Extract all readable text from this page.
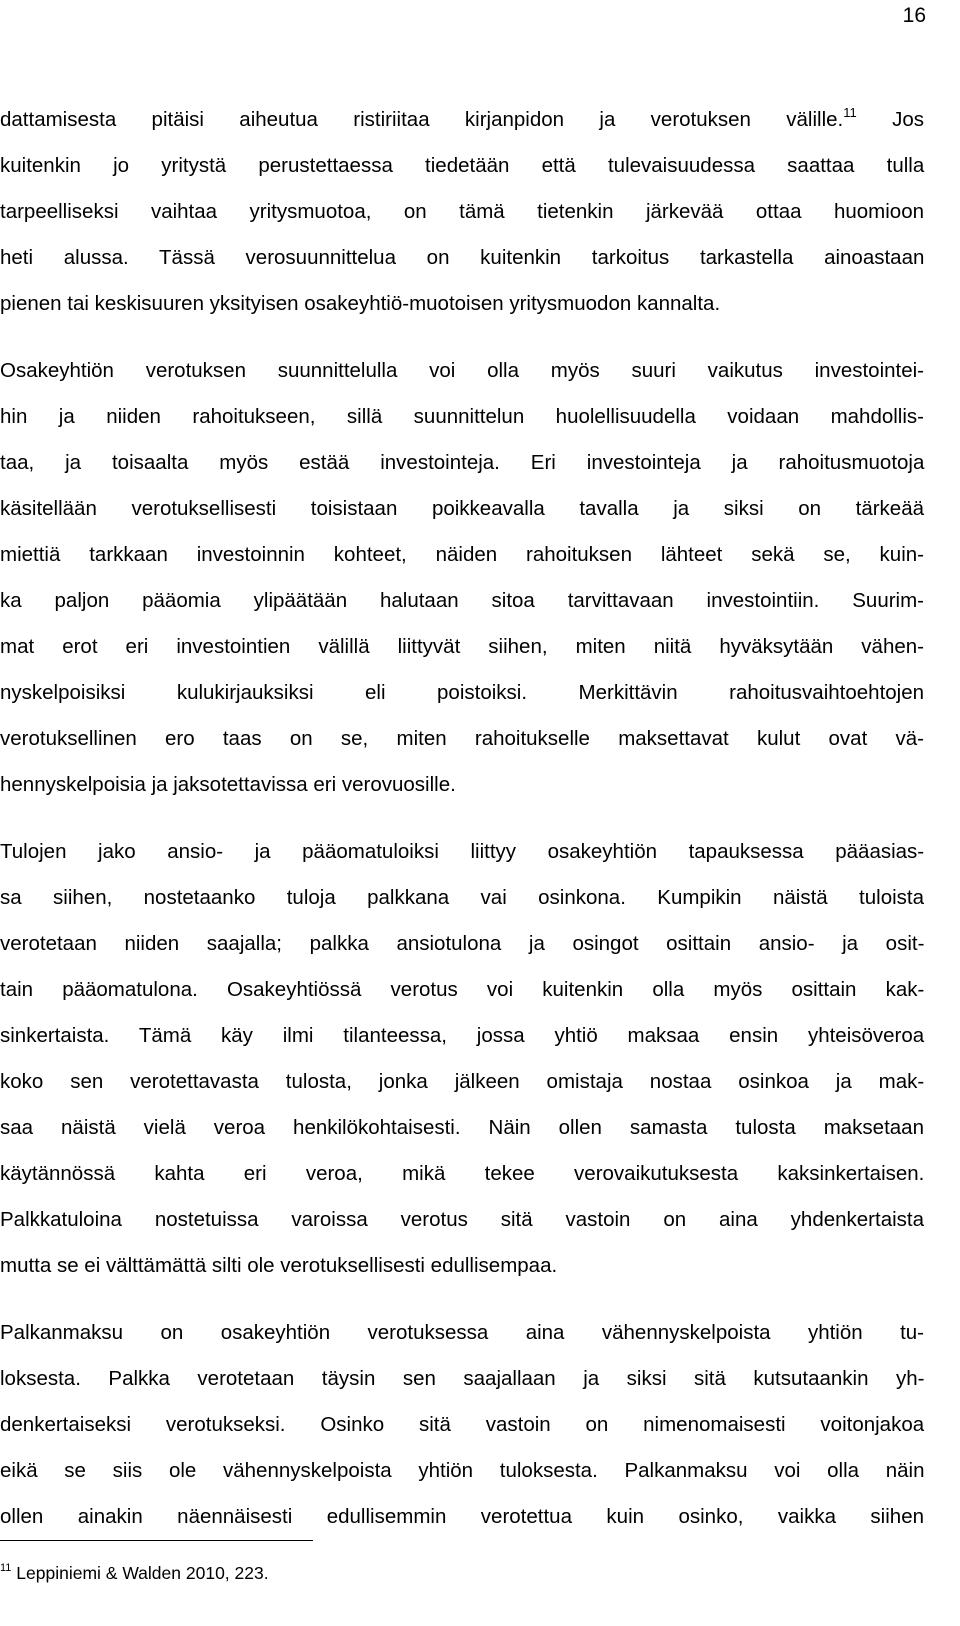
16
dattamisesta pitäisi aiheutua ristiriitaa kirjanpidon ja verotuksen välille.$^{11}$ Jos
kuitenkin jo yritystä perustettaessa tiedetään että tulevaisuudessa saattaa tulla
tarpeelliseksi vaihtaa yritysmuotoa, on tämä tietenkin järkevää ottaa huomioon
heti alussa. Tässä verosuunnittelua on kuitenkin tarkoitus tarkastella ainoastaan
pienen tai keskisuuren yksityisen osakeyhtiö-muotoisen yritysmuodon kannalta.
Osakeyhtiön verotuksen suunnittelulla voi olla myös suuri vaikutus investointei-
hin ja niiden rahoitukseen, sillä suunnittelun huolellisuudella voidaan mahdollis-
taa, ja toisaalta myös estää investointeja. Eri investointeja ja rahoitusmuotoja
käsitellään verotuksellisesti toisistaan poikkeavalla tavalla ja siksi on tärkeää
miettiä tarkkaan investoinnin kohteet, näiden rahoituksen lähteet sekä se, kuin-
ka paljon pääomia ylipäätään halutaan sitoa tarvittavaan investointiin. Suurim-
mat erot eri investointien välillä liittyvät siihen, miten niitä hyväksytään vähen-
nyskelpoisiksi kulukirjauksiksi eli poistoiksi. Merkittävin rahoitusvaihtoehtojen
verotuksellinen ero taas on se, miten rahoitukselle maksettavat kulut ovat vä-
hennyskelpoisia ja jaksotettavissa eri verovuosille.
Tulojen jako ansio- ja pääomatuloiksi liittyy osakeyhtiön tapauksessa pääasias-
sa siihen, nostetaanko tuloja palkkana vai osinkona. Kumpikin näistä tuloista
verotetaan niiden saajalla; palkka ansiotulona ja osingot osittain ansio- ja osit-
tain pääomatulona. Osakeyhtiössä verotus voi kuitenkin olla myös osittain kak-
sinkertaista. Tämä käy ilmi tilanteessa, jossa yhtiö maksaa ensin yhteisöveroa
koko sen verotettavasta tulosta, jonka jälkeen omistaja nostaa osinkoa ja mak-
saa näistä vielä veroa henkilökohtaisesti. Näin ollen samasta tulosta maksetaan
käytännössä kahta eri veroa, mikä tekee verovaikutuksesta kaksinkertaisen.
Palkkatuloina nostetuissa varoissa verotus sitä vastoin on aina yhdenkertaista
mutta se ei välttämättä silti ole verotuksellisesti edullisempaa.
Palkanmaksu on osakeyhtiön verotuksessa aina vähennyskelpoista yhtiön tu-
loksesta. Palkka verotetaan täysin sen saajallaan ja siksi sitä kutsutaankin yh-
denkertaiseksi verotukseksi. Osinko sitä vastoin on nimenomaisesti voitonjakoa
eikä se siis ole vähennyskelpoista yhtiön tuloksesta. Palkanmaksu voi olla näin
ollen ainakin näennäisesti edullisemmin verotettua kuin osinko, vaikka siihen
$^{11}$ Leppiniemi & Walden 2010, 223.
